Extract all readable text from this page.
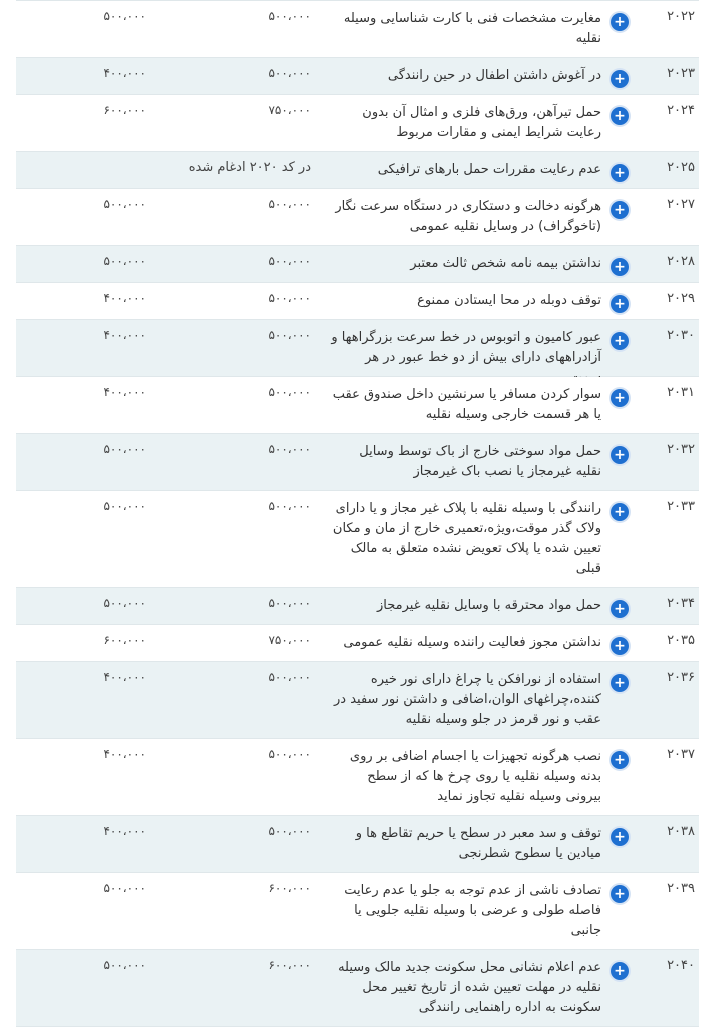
۲۰۲۲
+
مغایرت مشخصات فنی با کارت شناسایی وسیله نقلیه
۵۰۰،۰۰۰
۵۰۰،۰۰۰
۲۰۲۳
+
در آغوش داشتن اطفال در حین رانندگی
۵۰۰،۰۰۰
۴۰۰،۰۰۰
۲۰۲۴
+
حمل تیرآهن، ورق‌های فلزی و امثال آن بدون رعایت شرایط ایمنی و مقارات مربوط
۷۵۰،۰۰۰
۶۰۰،۰۰۰
۲۰۲۵
+
عدم رعایت مقررات حمل بارهای ترافیکی
در کد ۲۰۲۰ ادغام شده
۲۰۲۷
+
هرگونه دخالت و دستکاری در دستگاه سرعت نگار (تاخوگراف) در وسایل نقلیه عمومی
۵۰۰،۰۰۰
۵۰۰،۰۰۰
۲۰۲۸
+
نداشتن بیمه نامه شخص ثالث معتبر
۵۰۰،۰۰۰
۵۰۰،۰۰۰
۲۰۲۹
+
توقف دوبله در محا ایستادن ممنوع
۵۰۰،۰۰۰
۴۰۰،۰۰۰
۲۰۳۰
+
عبور کامیون و اتوبوس در خط سرعت بزرگراهها و آزادراههای دارای بیش از دو خط عبور در هر
۵۰۰،۰۰۰
۴۰۰،۰۰۰
۲۰۳۱
+
سوار کردن مسافر یا سرنشین داخل صندوق عقب یا هر قسمت خارجی وسیله نقلیه
۵۰۰،۰۰۰
۴۰۰،۰۰۰
۲۰۳۲
+
حمل مواد سوختی خارج از باک توسط وسایل نقلیه غیرمجاز یا نصب باک غیرمجاز
۵۰۰،۰۰۰
۵۰۰،۰۰۰
۲۰۳۳
+
رانندگی با وسیله نقلیه با پلاک غیر مجاز و یا دارای ولاک گذر موقت،ویژه،تعمیری خارج از مان و مکان تعیین شده یا پلاک تعویض نشده متعلق به مالک قبلی
۵۰۰،۰۰۰
۵۰۰،۰۰۰
۲۰۳۴
+
حمل مواد محترقه با وسایل نقلیه غیرمجاز
۵۰۰،۰۰۰
۵۰۰،۰۰۰
۲۰۳۵
+
نداشتن مجوز فعالیت راننده وسیله نقلیه عمومی
۷۵۰،۰۰۰
۶۰۰،۰۰۰
۲۰۳۶
+
استفاده از نورافکن یا چراغ دارای نور خیره کننده،چراغهای الوان،اضافی و داشتن نور سفید در عقب و نور قرمز در جلو وسیله نقلیه
۵۰۰،۰۰۰
۴۰۰،۰۰۰
۲۰۳۷
+
نصب هرگونه تجهیزات یا اجسام اضافی بر روی بدنه وسیله نقلیه یا روی چرخ ها که از سطح بیرونی وسیله نقلیه تجاوز نماید
۵۰۰،۰۰۰
۴۰۰،۰۰۰
۲۰۳۸
+
توقف و سد معبر در سطح یا حریم تقاطع ها و میادین یا سطوح شطرنجی
۵۰۰،۰۰۰
۴۰۰،۰۰۰
۲۰۳۹
+
تصادف ناشی از عدم توجه به جلو یا عدم رعایت فاصله طولی و عرضی با وسیله نقلیه جلویی یا جانبی
۶۰۰،۰۰۰
۵۰۰،۰۰۰
۲۰۴۰
+
عدم اعلام نشانی محل سکونت جدید مالک وسیله نقلیه در مهلت تعیین شده از تاریخ تغییر محل سکونت به اداره راهنمایی رانندگی
۶۰۰،۰۰۰
۵۰۰،۰۰۰
